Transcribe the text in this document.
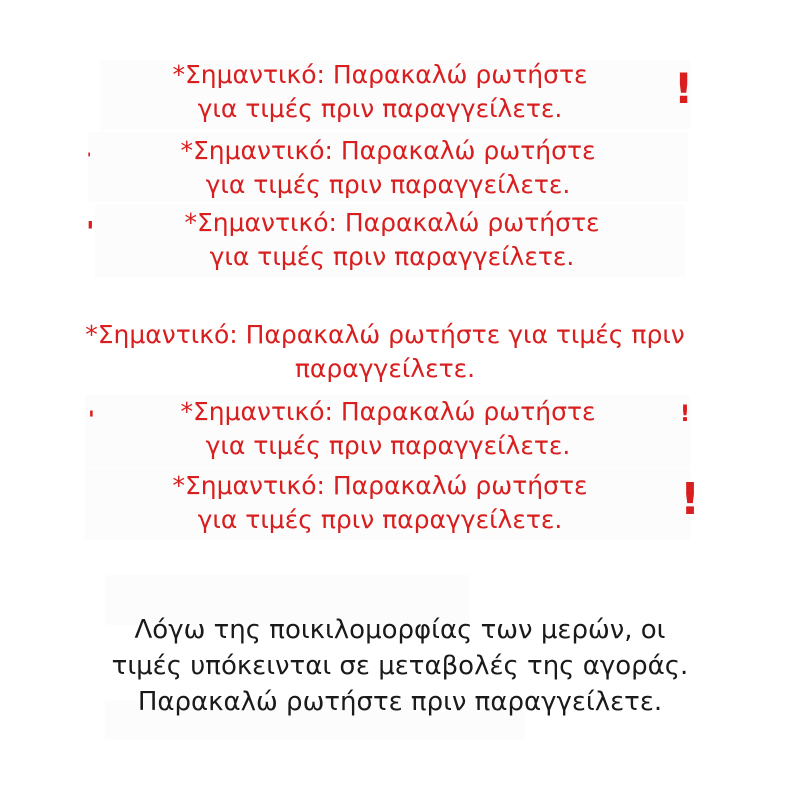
!
'
'
'	!
!
*Σημαντικό: Παρακαλώ ρωτήστε
για τιμές πριν παραγγείλετε.
*Σημαντικό: Παρακαλώ ρωτήστε
για τιμές πριν παραγγείλετε.
*Σημαντικό: Παρακαλώ ρωτήστε
για τιμές πριν παραγγείλετε.
*Σημαντικό: Παρακαλώ ρωτήστε για τιμές πριν
παραγγείλετε.
*Σημαντικό: Παρακαλώ ρωτήστε
για τιμές πριν παραγγείλετε.
*Σημαντικό: Παρακαλώ ρωτήστε
για τιμές πριν παραγγείλετε.
Λόγω της ποικιλομορφίας των μερών, οι
τιμές υπόκεινται σε μεταβολές της αγοράς.
Παρακαλώ ρωτήστε πριν παραγγείλετε.
